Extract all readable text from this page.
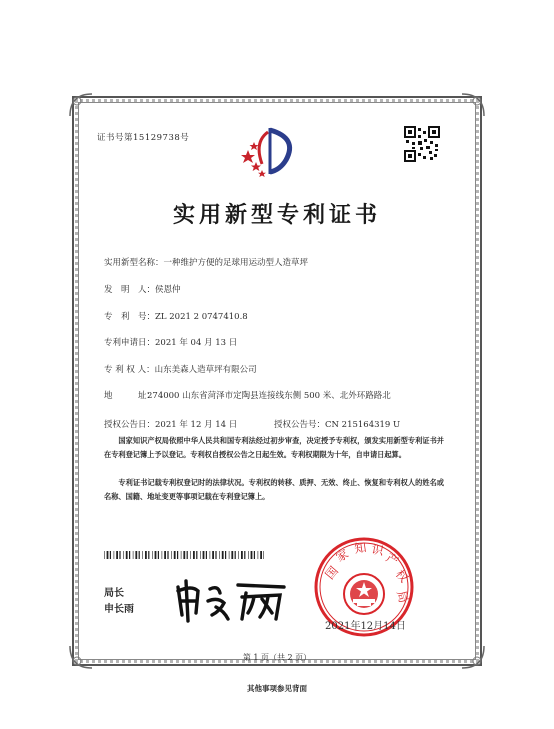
证书号第15129738号
实用新型专利证书
实用新型名称：一种维护方便的足球用运动型人造草坪
发　明　人：侯恩仲
专　利　号：ZL 2021 2 0747410.8
专利申请日：2021 年 04 月 13 日
专 利 权 人：山东美森人造草坪有限公司
地　　　址：
274000 山东省菏泽市定陶县连接线东侧 500 米、北外环路路北
授权公告日：2021 年 12 月 14 日	授权公告号：CN 215164319 U
国家知识产权局依照中华人民共和国专利法经过初步审查，决定授予专利权，颁发实用新型专利证书并在专利登记簿上予以登记。专利权自授权公告之日起生效。专利权期限为十年，自申请日起算。
专利证书记载专利权登记时的法律状况。专利权的转移、质押、无效、终止、恢复和专利权人的姓名或名称、国籍、地址变更等事项记载在专利登记簿上。
局长
申长雨
国
家 知 识
产
权
局
2021年12月14日
第 1 页（共 2 页）
其他事项参见背面
